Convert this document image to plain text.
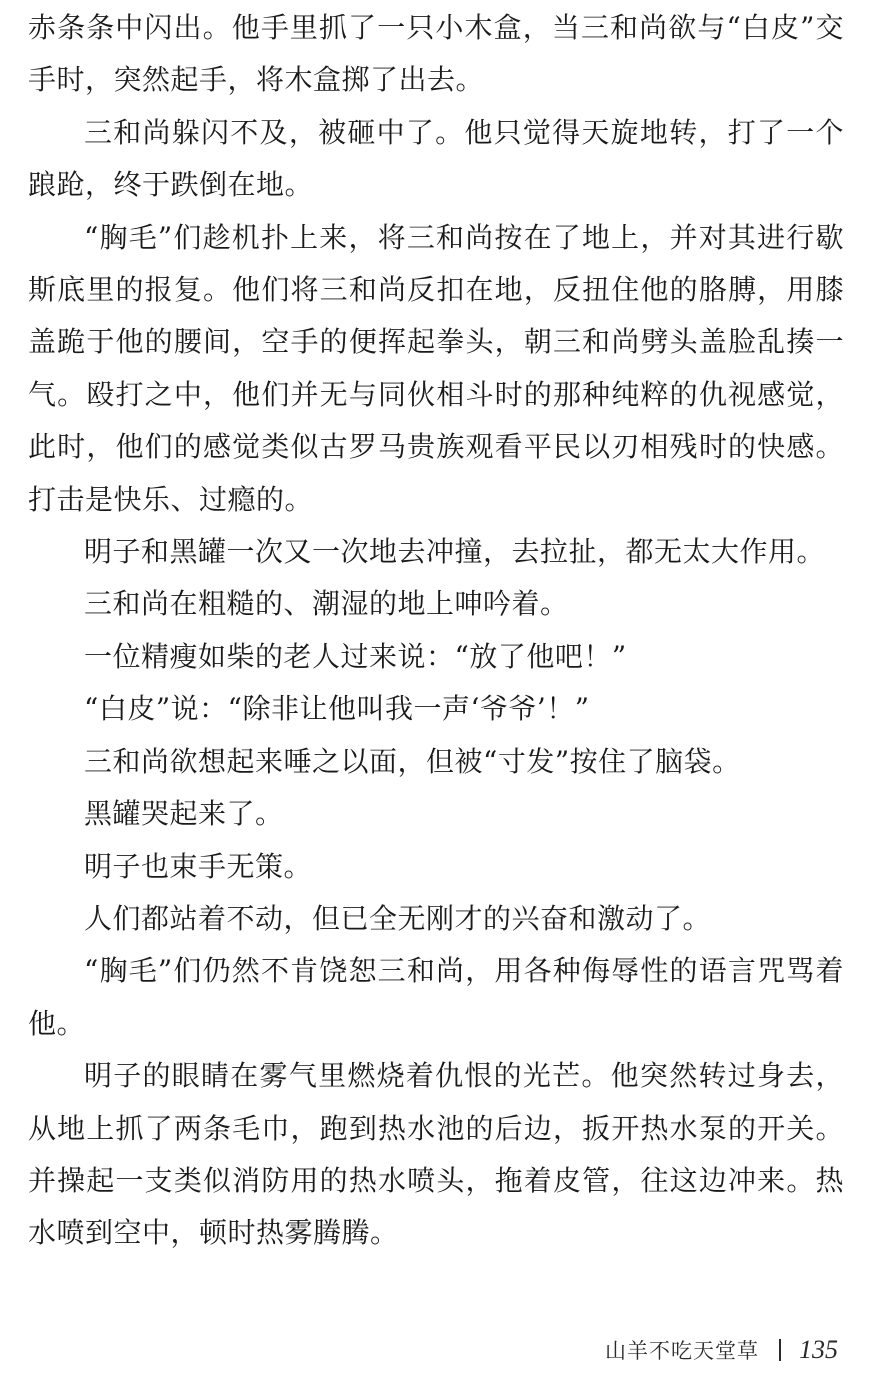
赤条条中闪出。他手里抓了一只小木盒，当三和尚欲与“白皮”交手时，突然起手，将木盒掷了出去。

三和尚躲闪不及，被砸中了。他只觉得天旋地转，打了一个踉跄，终于跌倒在地。

“胸毛”们趁机扑上来，将三和尚按在了地上，并对其进行歇斯底里的报复。他们将三和尚反扣在地，反扭住他的胳膊，用膝盖跪于他的腰间，空手的便挥起拳头，朝三和尚劈头盖脸乱揍一气。殴打之中，他们并无与同伙相斗时的那种纯粹的仇视感觉，此时，他们的感觉类似古罗马贵族观看平民以刃相残时的快感。打击是快乐、过瘾的。

明子和黑罐一次又一次地去冲撞，去拉扯，都无太大作用。

三和尚在粗糙的、潮湿的地上呻吟着。

一位精瘦如柴的老人过来说：“放了他吧！”

“白皮”说：“除非让他叫我一声‘爷爷’！”

三和尚欲想起来唾之以面，但被“寸发”按住了脑袋。

黑罐哭起来了。

明子也束手无策。

人们都站着不动，但已全无刚才的兴奋和激动了。

“胸毛”们仍然不肯饶恕三和尚，用各种侮辱性的语言咒骂着他。

明子的眼睛在雾气里燃烧着仇恨的光芒。他突然转过身去，从地上抓了两条毛巾，跑到热水池的后边，扳开热水泵的开关。并操起一支类似消防用的热水喷头，拖着皮管，往这边冲来。热水喷到空中，顿时热雾腾腾。

山羊不吃天堂草 135
